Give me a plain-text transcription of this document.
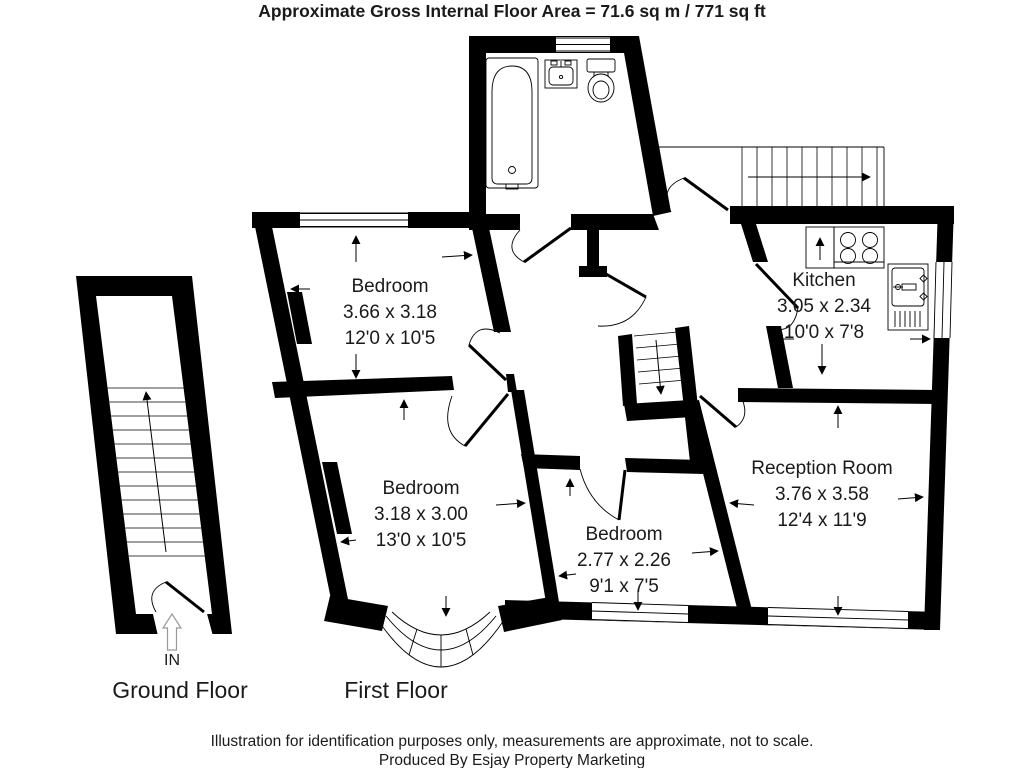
Approximate Gross Internal Floor Area = 71.6 sq m / 771 sq ft
IN
Bedroom
3.66 x 3.18
12'0 x 10'5
Kitchen
3.05 x 2.34
10'0 x 7'8
Bedroom
3.18 x 3.00
13'0 x 10'5	Bedroom
2.77 x 2.26
9'1 x 7'5
Reception Room
3.76 x 3.58
12'4 x 11'9
Ground Floor	First Floor
Illustration for identification purposes only, measurements are approximate, not to scale.
Produced By Esjay Property Marketing
